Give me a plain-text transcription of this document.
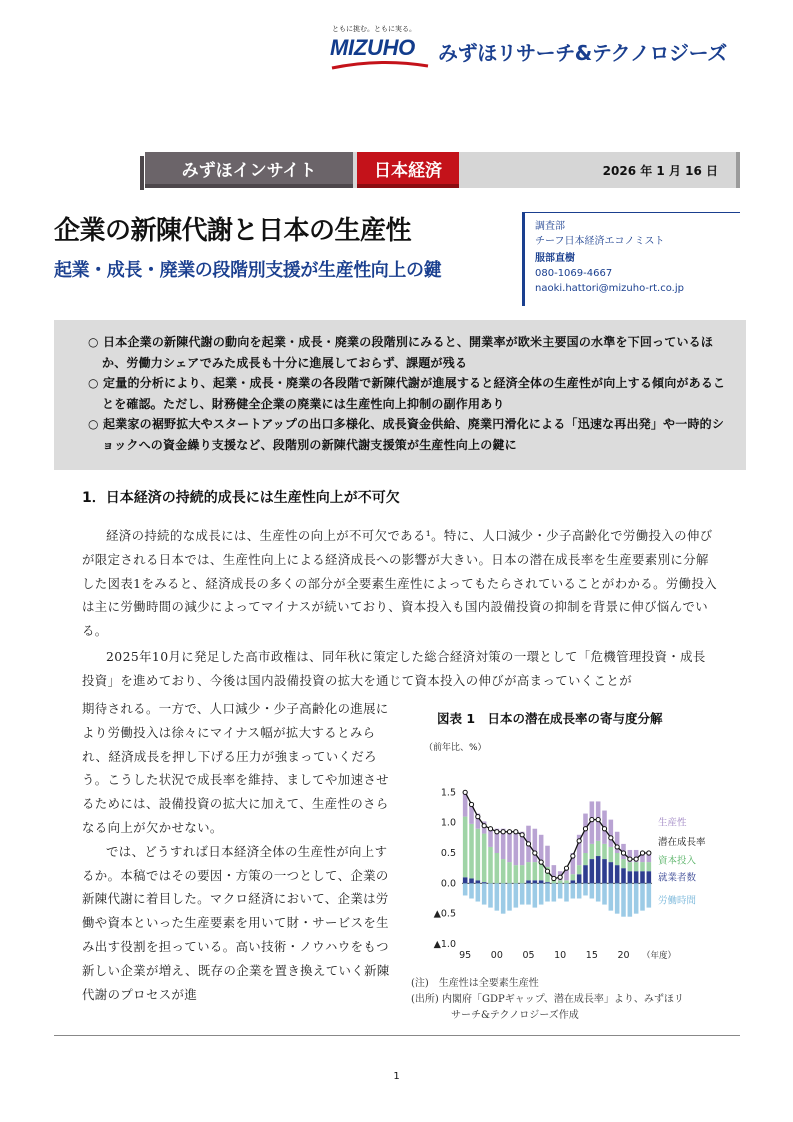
ともに挑む。ともに実る。
MIZUHO みずほリサーチ&テクノロジーズ
みずほインサイト	日本経済	2026 年 1 月 16 日
企業の新陳代謝と日本の生産性
起業・成長・廃業の段階別支援が生産性向上の鍵
調査部
チーフ日本経済エコノミスト
服部直樹
080-1069-4667
naoki.hattori@mizuho-rt.co.jp
○ 日本企業の新陳代謝の動向を起業・成長・廃業の段階別にみると、開業率が欧米主要国の水準を下回っているほか、労働力シェアでみた成長も十分に進展しておらず、課題が残る
○ 定量的分析により、起業・成長・廃業の各段階で新陳代謝が進展すると経済全体の生産性が向上する傾向があることを確認。ただし、財務健全企業の廃業には生産性向上抑制の副作用あり
○ 起業家の裾野拡大やスタートアップの出口多様化、成長資金供給、廃業円滑化による「迅速な再出発」や一時的ショックへの資金繰り支援など、段階別の新陳代謝支援策が生産性向上の鍵に
1．日本経済の持続的成長には生産性向上が不可欠
経済の持続的な成長には、生産性の向上が不可欠である¹。特に、人口減少・少子高齢化で労働投入の伸びが限定される日本では、生産性向上による経済成長への影響が大きい。日本の潜在成長率を生産要素別に分解した図表1をみると、経済成長の多くの部分が全要素生産性によってもたらされていることがわかる。労働投入は主に労働時間の減少によってマイナスが続いており、資本投入も国内設備投資の抑制を背景に伸び悩んでいる。
2025年10月に発足した高市政権は、同年秋に策定した総合経済対策の一環として「危機管理投資・成長投資」を進めており、今後は国内設備投資の拡大を通じて資本投入の伸びが高まっていくことが
期待される。一方で、人口減少・少子高齢化の進展により労働投入は徐々にマイナス幅が拡大するとみられ、経済成長を押し下げる圧力が強まっていくだろう。こうした状況で成長率を維持、ましてや加速させるためには、設備投資の拡大に加えて、生産性のさらなる向上が欠かせない。
では、どうすれば日本経済全体の生産性が向上するか。本稿ではその要因・方策の一つとして、企業の新陳代謝に着目した。マクロ経済において、企業は労働や資本といった生産要素を用いて財・サービスを生み出す役割を担っている。高い技術・ノウハウをもつ新しい企業が増え、既存の企業を置き換えていく新陳代謝のプロセスが進
図表 1　日本の潜在成長率の寄与度分解
（前年比、%）
▲1.0
▲0.5
0.0
0.5
1.0
1.5
95 00 05 10 15 20 （年度）
生産性
潜在成長率
資本投入
就業者数
労働時間
(注)　生産性は全要素生産性
(出所) 内閣府「GDPギャップ、潜在成長率」より、みずほリ
サーチ&テクノロジーズ作成
1
